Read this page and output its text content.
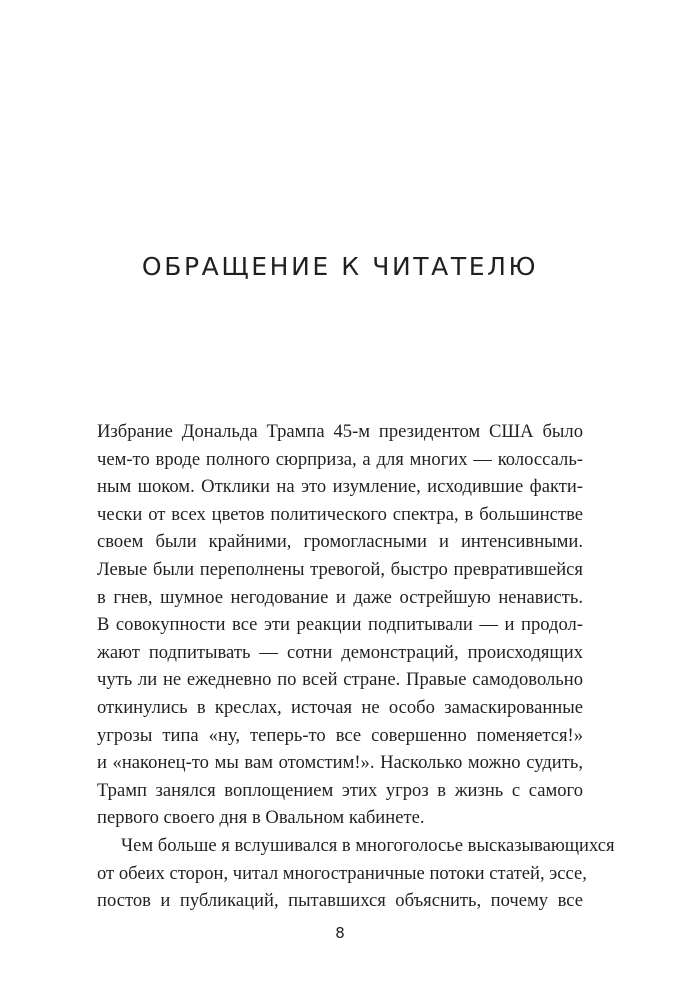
ОБРАЩЕНИЕ К ЧИТАТЕЛЮ
Избрание Дональда Трампа 45-м президентом США было
чем-то вроде полного сюрприза, а для многих — колоссаль-
ным шоком. Отклики на это изумление, исходившие факти-
чески от всех цветов политического спектра, в большинстве
своем были крайними, громогласными и интенсивными.
Левые были переполнены тревогой, быстро превратившейся
в гнев, шумное негодование и даже острейшую ненависть.
В совокупности все эти реакции подпитывали — и продол-
жают подпитывать — сотни демонстраций, происходящих
чуть ли не ежедневно по всей стране. Правые самодовольно
откинулись в креслах, источая не особо замаскированные
угрозы типа «ну, теперь-то все совершенно поменяется!»
и «наконец-то мы вам отомстим!». Насколько можно судить,
Трамп занялся воплощением этих угроз в жизнь с самого
первого своего дня в Овальном кабинете.
Чем больше я вслушивался в многоголосье высказывающихся
от обеих сторон, читал многостраничные потоки статей, эссе,
постов и публикаций, пытавшихся объяснить, почему все
8
